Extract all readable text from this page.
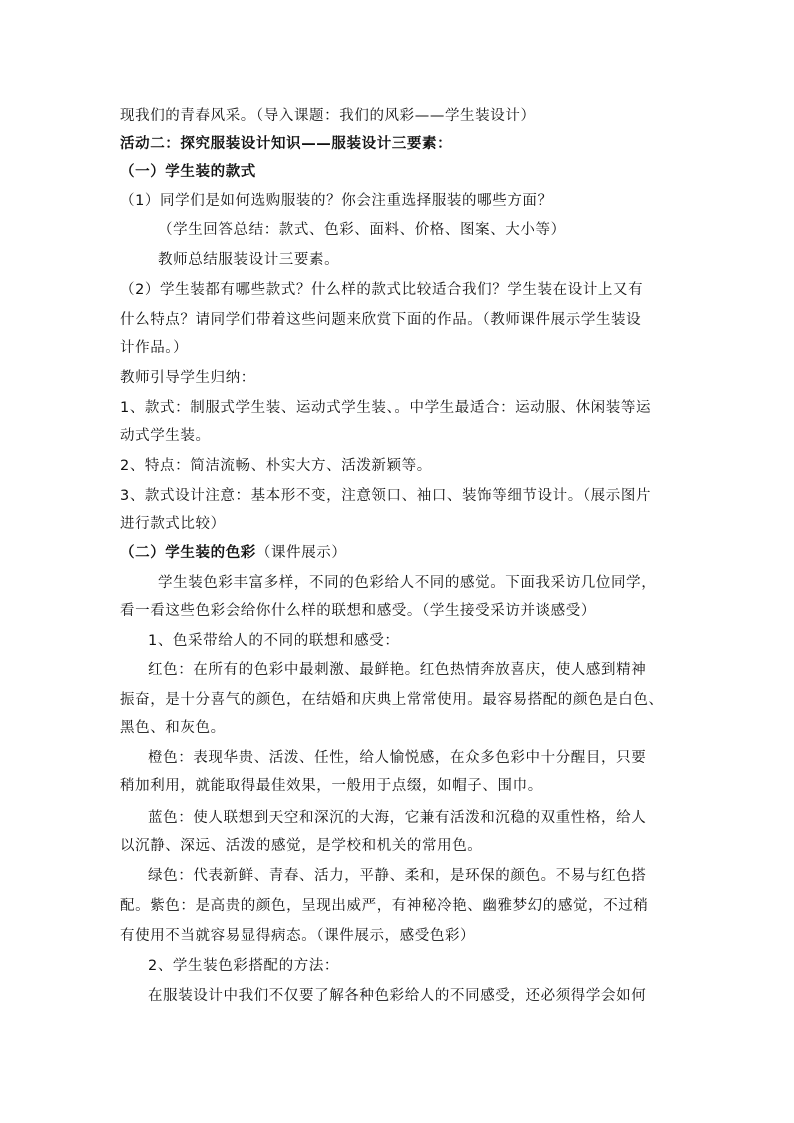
现我们的青春风采。（导入课题：我们的风彩——学生装设计）
活动二：探究服装设计知识——服装设计三要素：
（一）学生装的款式
（1）同学们是如何选购服装的？你会注重选择服装的哪些方面？
（学生回答总结：款式、色彩、面料、价格、图案、大小等）
教师总结服装设计三要素。
（2）学生装都有哪些款式？什么样的款式比较适合我们？学生装在设计上又有
什么特点？请同学们带着这些问题来欣赏下面的作品。（教师课件展示学生装设
计作品。）
教师引导学生归纳：
1、款式：制服式学生装、运动式学生装、。中学生最适合：运动服、休闲装等运
动式学生装。
2、特点：简洁流畅、朴实大方、活泼新颖等。
3、款式设计注意：基本形不变，注意领口、袖口、装饰等细节设计。（展示图片
进行款式比较）
（二）学生装的色彩（课件展示）
学生装色彩丰富多样，不同的色彩给人不同的感觉。下面我采访几位同学，
看一看这些色彩会给你什么样的联想和感受。（学生接受采访并谈感受）
1、色采带给人的不同的联想和感受：
红色：在所有的色彩中最刺激、最鲜艳。红色热情奔放喜庆，使人感到精神
振奋，是十分喜气的颜色，在结婚和庆典上常常使用。最容易搭配的颜色是白色、
黑色、和灰色。
橙色：表现华贵、活泼、任性，给人愉悦感，在众多色彩中十分醒目，只要
稍加利用，就能取得最佳效果，一般用于点缀，如帽子、围巾。
蓝色：使人联想到天空和深沉的大海，它兼有活泼和沉稳的双重性格，给人
以沉静、深远、活泼的感觉，是学校和机关的常用色。
绿色：代表新鲜、青春、活力，平静、柔和，是环保的颜色。不易与红色搭
配。紫色：是高贵的颜色，呈现出威严，有神秘冷艳、幽雅梦幻的感觉，不过稍
有使用不当就容易显得病态。（课件展示，感受色彩）
2、学生装色彩搭配的方法：
在服装设计中我们不仅要了解各种色彩给人的不同感受，还必须得学会如何
